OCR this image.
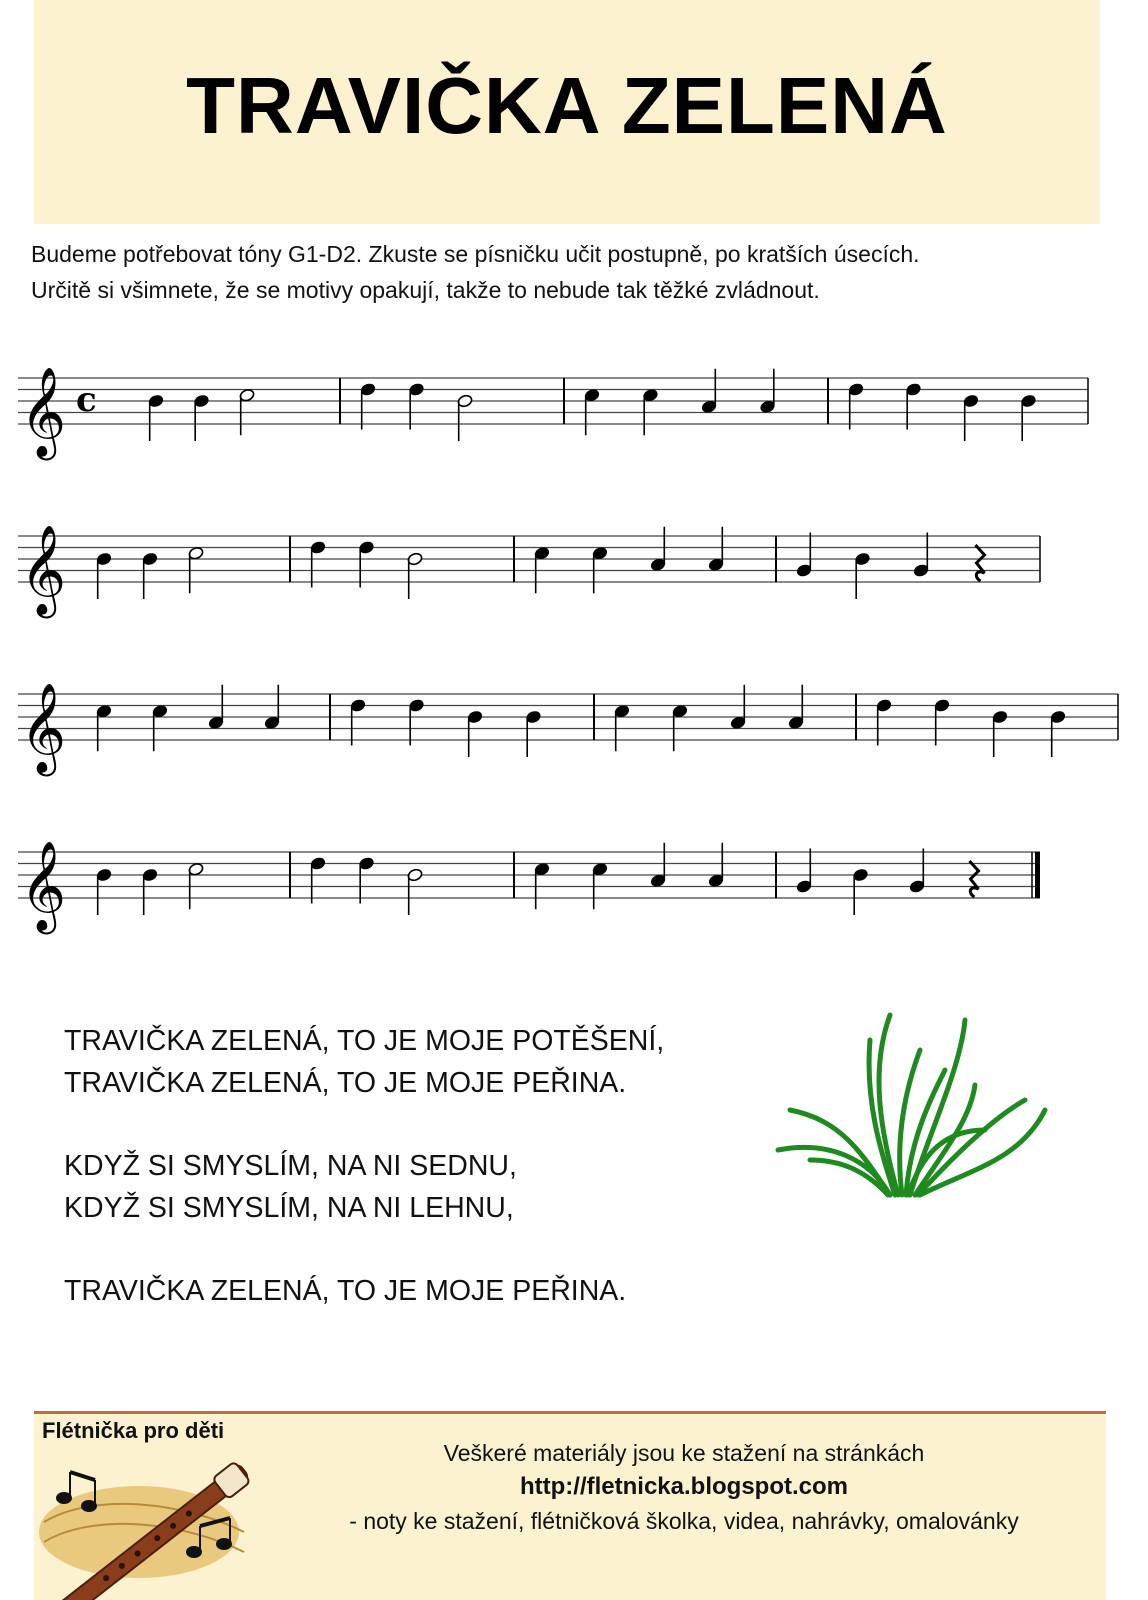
TRAVIČKA ZELENÁ
Budeme potřebovat tóny G1-D2. Zkuste se písničku učit postupně, po kratších úsecích.
Určitě si všimnete, že se motivy opakují, takže to nebude tak těžké zvládnout.
𝄞 c
𝄞
𝄞
𝄞
TRAVIČKA ZELENÁ, TO JE MOJE POTĚŠENÍ,
TRAVIČKA ZELENÁ, TO JE MOJE PEŘINA.
KDYŽ SI SMYSLÍM, NA NI SEDNU,
KDYŽ SI SMYSLÍM, NA NI LEHNU,
TRAVIČKA ZELENÁ, TO JE MOJE PEŘINA.
Flétnička pro děti
Veškeré materiály jsou ke stažení na stránkách
http://fletnicka.blogspot.com
- noty ke stažení, flétničková školka, videa, nahrávky, omalovánky
